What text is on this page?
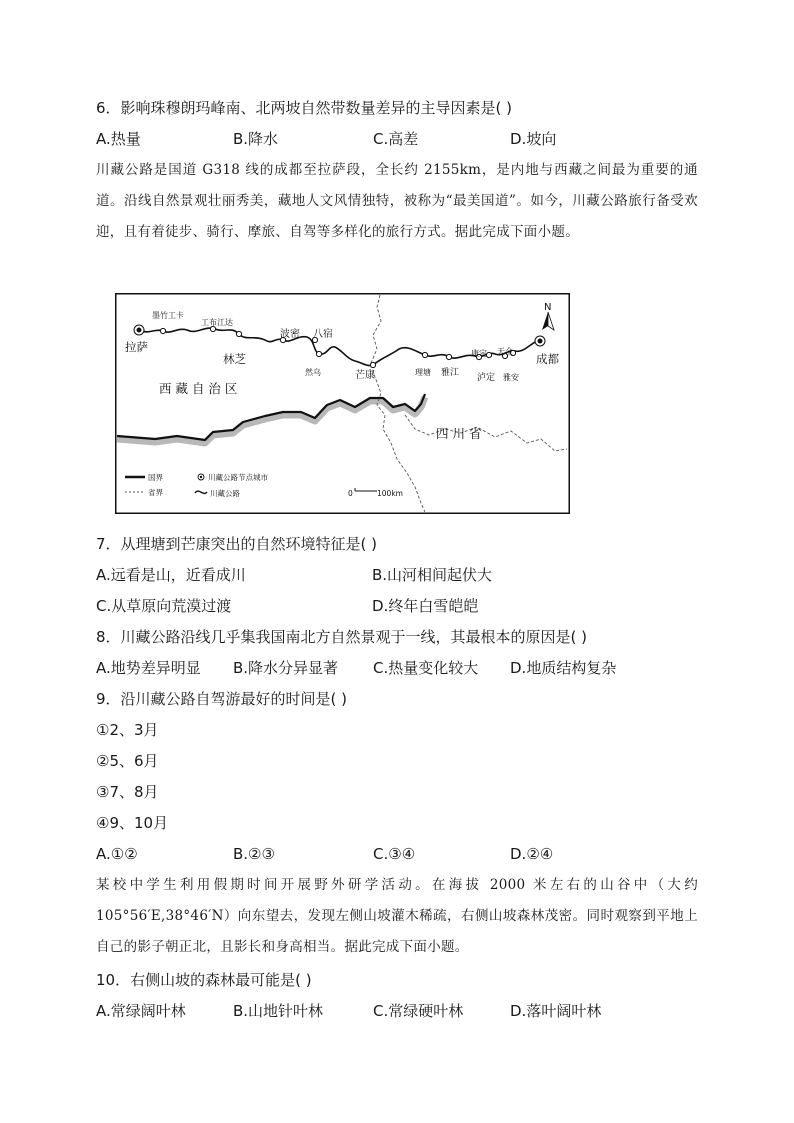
6．影响珠穆朗玛峰南、北两坡自然带数量差异的主导因素是( )
A.热量	B.降水	C.高差	D.坡向
川藏公路是国道 G318 线的成都至拉萨段，全长约 2155km，是内地与西藏之间最为重要的通道。沿线自然景观壮丽秀美，藏地人文风情独特，被称为“最美国道”。如今，川藏公路旅行备受欢迎，且有着徒步、骑行、摩旅、自驾等多样化的旅行方式。据此完成下面小题。
墨竹工卡
工布江达
波密 八宿
然乌	理塘 雅江
康定 天全
泸定 雅安
拉萨
林芝
芒康
成都
西 藏 自 治 区
四 川 省
N
国界
省界
川藏公路节点城市
川藏公路	0	100km
7．从理塘到芒康突出的自然环境特征是( )
A.远看是山，近看成川	B.山河相间起伏大
C.从草原向荒漠过渡	D.终年白雪皑皑
8．川藏公路沿线几乎集我国南北方自然景观于一线，其最根本的原因是( )
A.地势差异明显 B.降水分异显著 C.热量变化较大 D.地质结构复杂
9．沿川藏公路自驾游最好的时间是( )
①2、3月
②5、6月
③7、8月
④9、10月
A.①②	B.②③	C.③④	D.②④
某校中学生利用假期时间开展野外研学活动。在海拔 2000 米左右的山谷中（大约105°56′E,38°46′N）向东望去，发现左侧山坡灌木稀疏，右侧山坡森林茂密。同时观察到平地上自己的影子朝正北，且影长和身高相当。据此完成下面小题。
10．右侧山坡的森林最可能是( )
A.常绿阔叶林	B.山地针叶林	C.常绿硬叶林	D.落叶阔叶林
